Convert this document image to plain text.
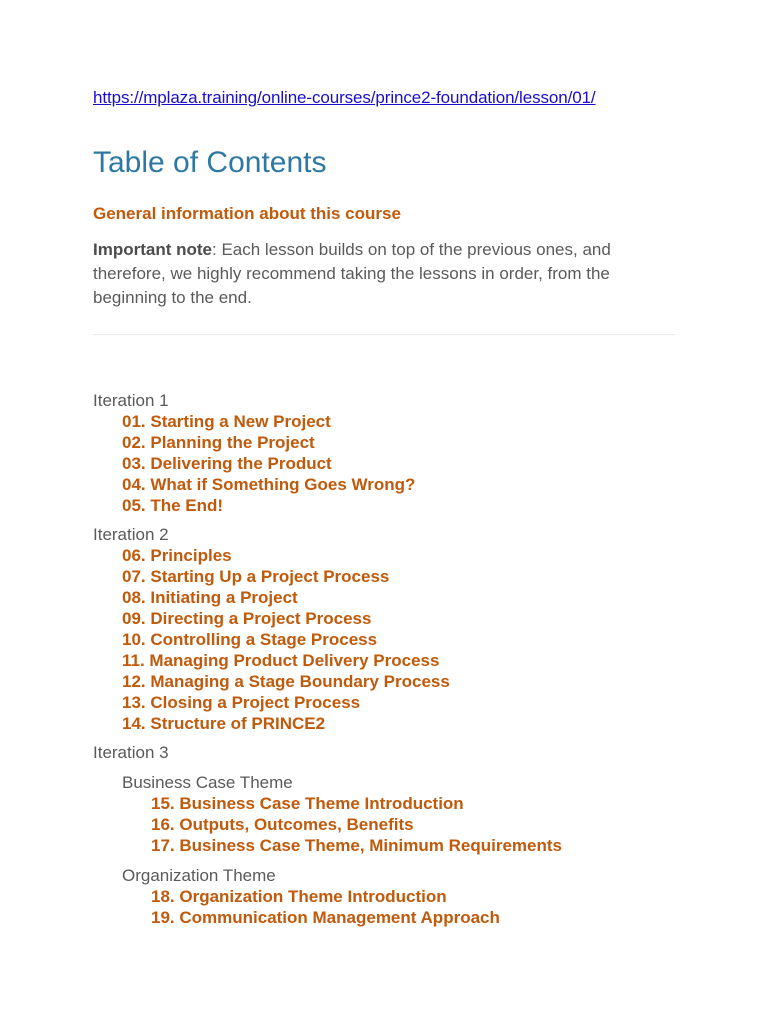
https://mplaza.training/online-courses/prince2-foundation/lesson/01/
Table of Contents
General information about this course
Important note: Each lesson builds on top of the previous ones, and therefore, we highly recommend taking the lessons in order, from the beginning to the end.
Iteration 1
01. Starting a New Project
02. Planning the Project
03. Delivering the Product
04. What if Something Goes Wrong?
05. The End!
Iteration 2
06. Principles
07. Starting Up a Project Process
08. Initiating a Project
09. Directing a Project Process
10. Controlling a Stage Process
11. Managing Product Delivery Process
12. Managing a Stage Boundary Process
13. Closing a Project Process
14. Structure of PRINCE2
Iteration 3
Business Case Theme
15. Business Case Theme Introduction
16. Outputs, Outcomes, Benefits
17. Business Case Theme, Minimum Requirements
Organization Theme
18. Organization Theme Introduction
19. Communication Management Approach
